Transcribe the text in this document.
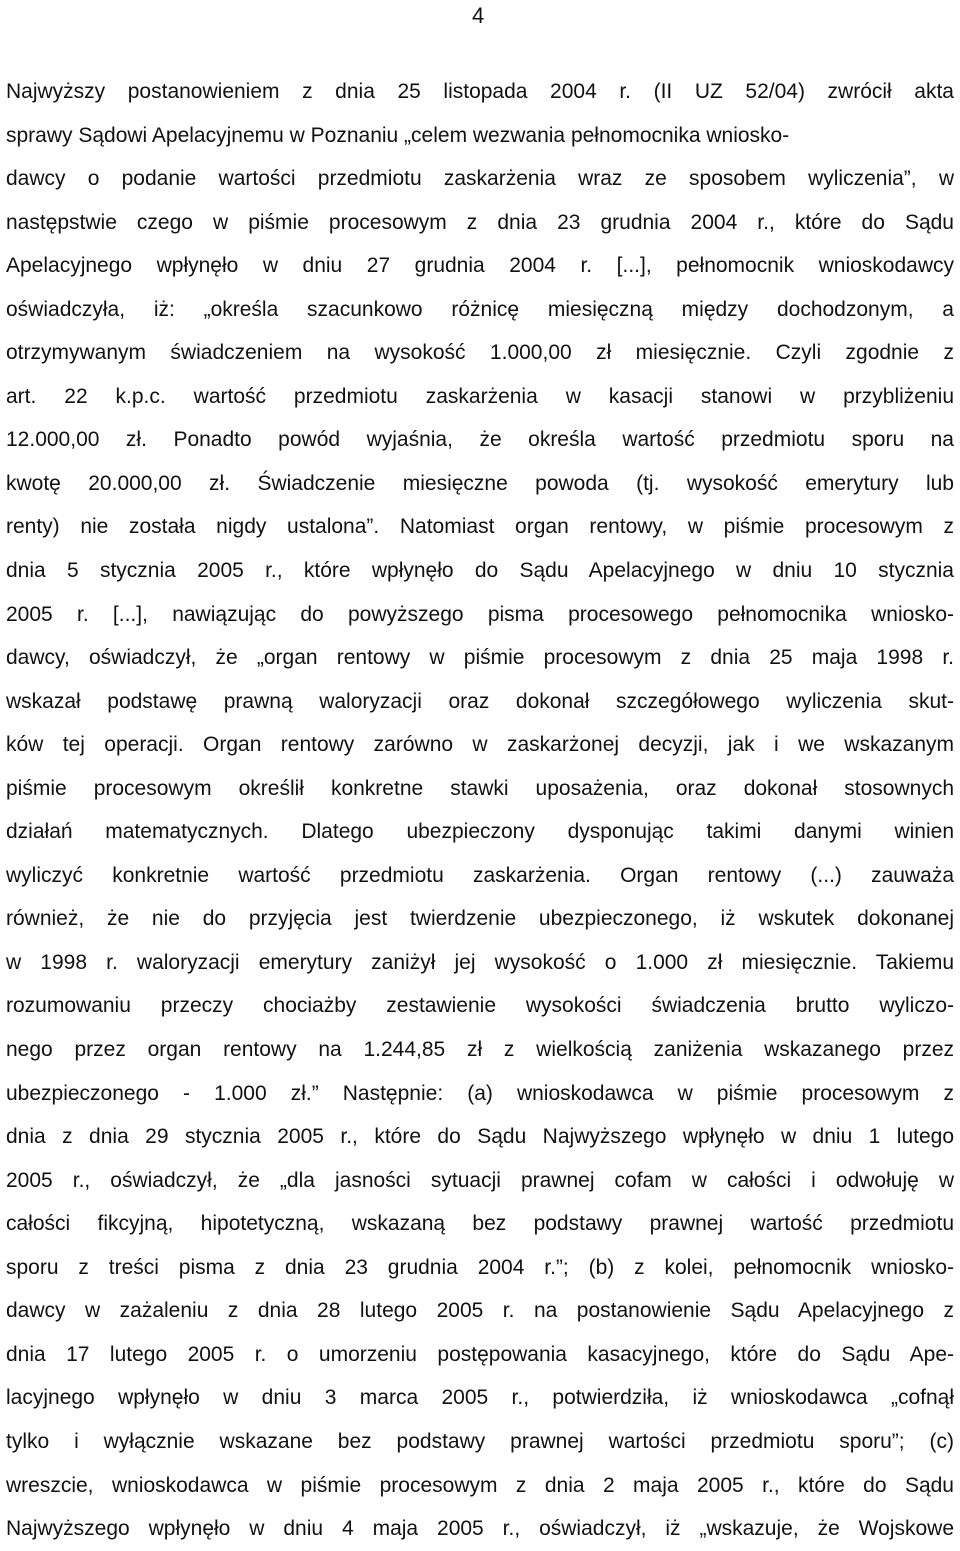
4
Najwyższy postanowieniem z dnia 25 listopada 2004 r. (II UZ 52/04) zwrócił akta
sprawy Sądowi Apelacyjnemu w Poznaniu „celem wezwania pełnomocnika wniosko-
dawcy o podanie wartości przedmiotu zaskarżenia wraz ze sposobem wyliczenia”, w
następstwie czego w piśmie procesowym z dnia 23 grudnia 2004 r., które do Sądu
Apelacyjnego wpłynęło w dniu 27 grudnia 2004 r. [...], pełnomocnik wnioskodawcy
oświadczyła, iż: „określa szacunkowo różnicę miesięczną między dochodzonym, a
otrzymywanym świadczeniem na wysokość 1.000,00 zł miesięcznie. Czyli zgodnie z
art. 22 k.p.c. wartość przedmiotu zaskarżenia w kasacji stanowi w przybliżeniu
12.000,00 zł. Ponadto powód wyjaśnia, że określa wartość przedmiotu sporu na
kwotę 20.000,00 zł. Świadczenie miesięczne powoda (tj. wysokość emerytury lub
renty) nie została nigdy ustalona”. Natomiast organ rentowy, w piśmie procesowym z
dnia 5 stycznia 2005 r., które wpłynęło do Sądu Apelacyjnego w dniu 10 stycznia
2005 r. [...], nawiązując do powyższego pisma procesowego pełnomocnika wniosko-
dawcy, oświadczył, że „organ rentowy w piśmie procesowym z dnia 25 maja 1998 r.
wskazał podstawę prawną waloryzacji oraz dokonał szczegółowego wyliczenia skut-
ków tej operacji. Organ rentowy zarówno w zaskarżonej decyzji, jak i we wskazanym
piśmie procesowym określił konkretne stawki uposażenia, oraz dokonał stosownych
działań matematycznych. Dlatego ubezpieczony dysponując takimi danymi winien
wyliczyć konkretnie wartość przedmiotu zaskarżenia. Organ rentowy (...) zauważa
również, że nie do przyjęcia jest twierdzenie ubezpieczonego, iż wskutek dokonanej
w 1998 r. waloryzacji emerytury zaniżył jej wysokość o 1.000 zł miesięcznie. Takiemu
rozumowaniu przeczy chociażby zestawienie wysokości świadczenia brutto wyliczo-
nego przez organ rentowy na 1.244,85 zł z wielkością zaniżenia wskazanego przez
ubezpieczonego - 1.000 zł.” Następnie: (a) wnioskodawca w piśmie procesowym z
dnia z dnia 29 stycznia 2005 r., które do Sądu Najwyższego wpłynęło w dniu 1 lutego
2005 r., oświadczył, że „dla jasności sytuacji prawnej cofam w całości i odwołuję w
całości fikcyjną, hipotetyczną, wskazaną bez podstawy prawnej wartość przedmiotu
sporu z treści pisma z dnia 23 grudnia 2004 r.”; (b) z kolei, pełnomocnik wniosko-
dawcy w zażaleniu z dnia 28 lutego 2005 r. na postanowienie Sądu Apelacyjnego z
dnia 17 lutego 2005 r. o umorzeniu postępowania kasacyjnego, które do Sądu Ape-
lacyjnego wpłynęło w dniu 3 marca 2005 r., potwierdziła, iż wnioskodawca „cofnął
tylko i wyłącznie wskazane bez podstawy prawnej wartości przedmiotu sporu”; (c)
wreszcie, wnioskodawca w piśmie procesowym z dnia 2 maja 2005 r., które do Sądu
Najwyższego wpłynęło w dniu 4 maja 2005 r., oświadczył, iż „wskazuje, że Wojskowe
